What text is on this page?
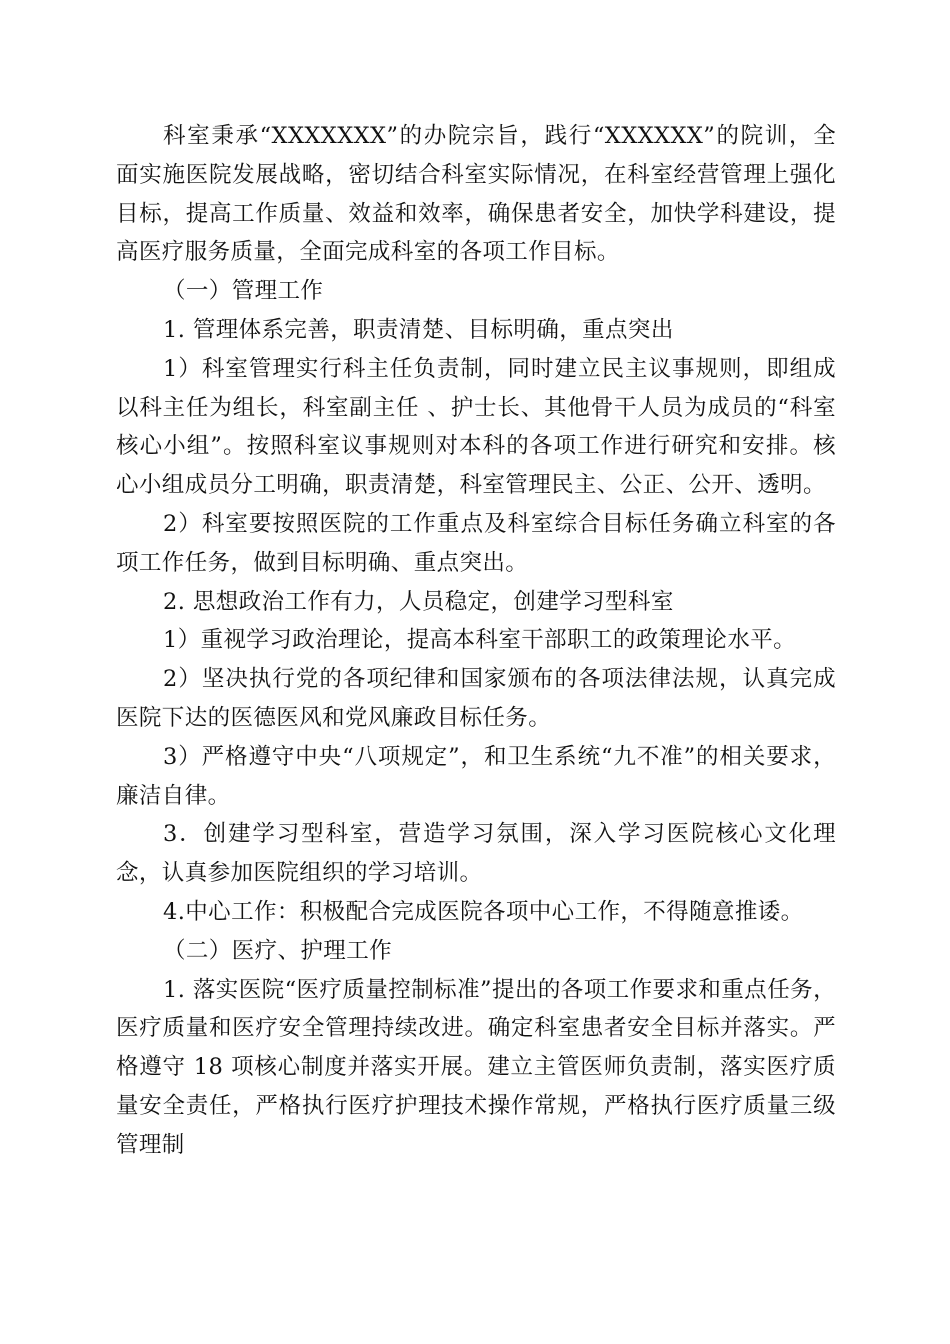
科室秉承“XXXXXXX”的办院宗旨，践行“XXXXXX”的院训，全面实施医院发展战略，密切结合科室实际情况，在科室经营管理上强化目标，提高工作质量、效益和效率，确保患者安全，加快学科建设，提高医疗服务质量，全面完成科室的各项工作目标。

（一）管理工作

1. 管理体系完善，职责清楚、目标明确，重点突出

1）科室管理实行科主任负责制，同时建立民主议事规则，即组成以科主任为组长，科室副主任 、护士长、其他骨干人员为成员的“科室核心小组”。按照科室议事规则对本科的各项工作进行研究和安排。核心小组成员分工明确，职责清楚，科室管理民主、公正、公开、透明。

2）科室要按照医院的工作重点及科室综合目标任务确立科室的各项工作任务，做到目标明确、重点突出。

2. 思想政治工作有力，人员稳定，创建学习型科室

1）重视学习政治理论，提高本科室干部职工的政策理论水平。

2）坚决执行党的各项纪律和国家颁布的各项法律法规，认真完成医院下达的医德医风和党风廉政目标任务。

3）严格遵守中央“八项规定”，和卫生系统“九不准”的相关要求，廉洁自律。

3．创建学习型科室，营造学习氛围，深入学习医院核心文化理念，认真参加医院组织的学习培训。

4.中心工作：积极配合完成医院各项中心工作，不得随意推诿。

（二）医疗、护理工作

1. 落实医院“医疗质量控制标准”提出的各项工作要求和重点任务，医疗质量和医疗安全管理持续改进。确定科室患者安全目标并落实。严格遵守 18 项核心制度并落实开展。建立主管医师负责制，落实医疗质量安全责任，严格执行医疗护理技术操作常规，严格执行医疗质量三级管理制
